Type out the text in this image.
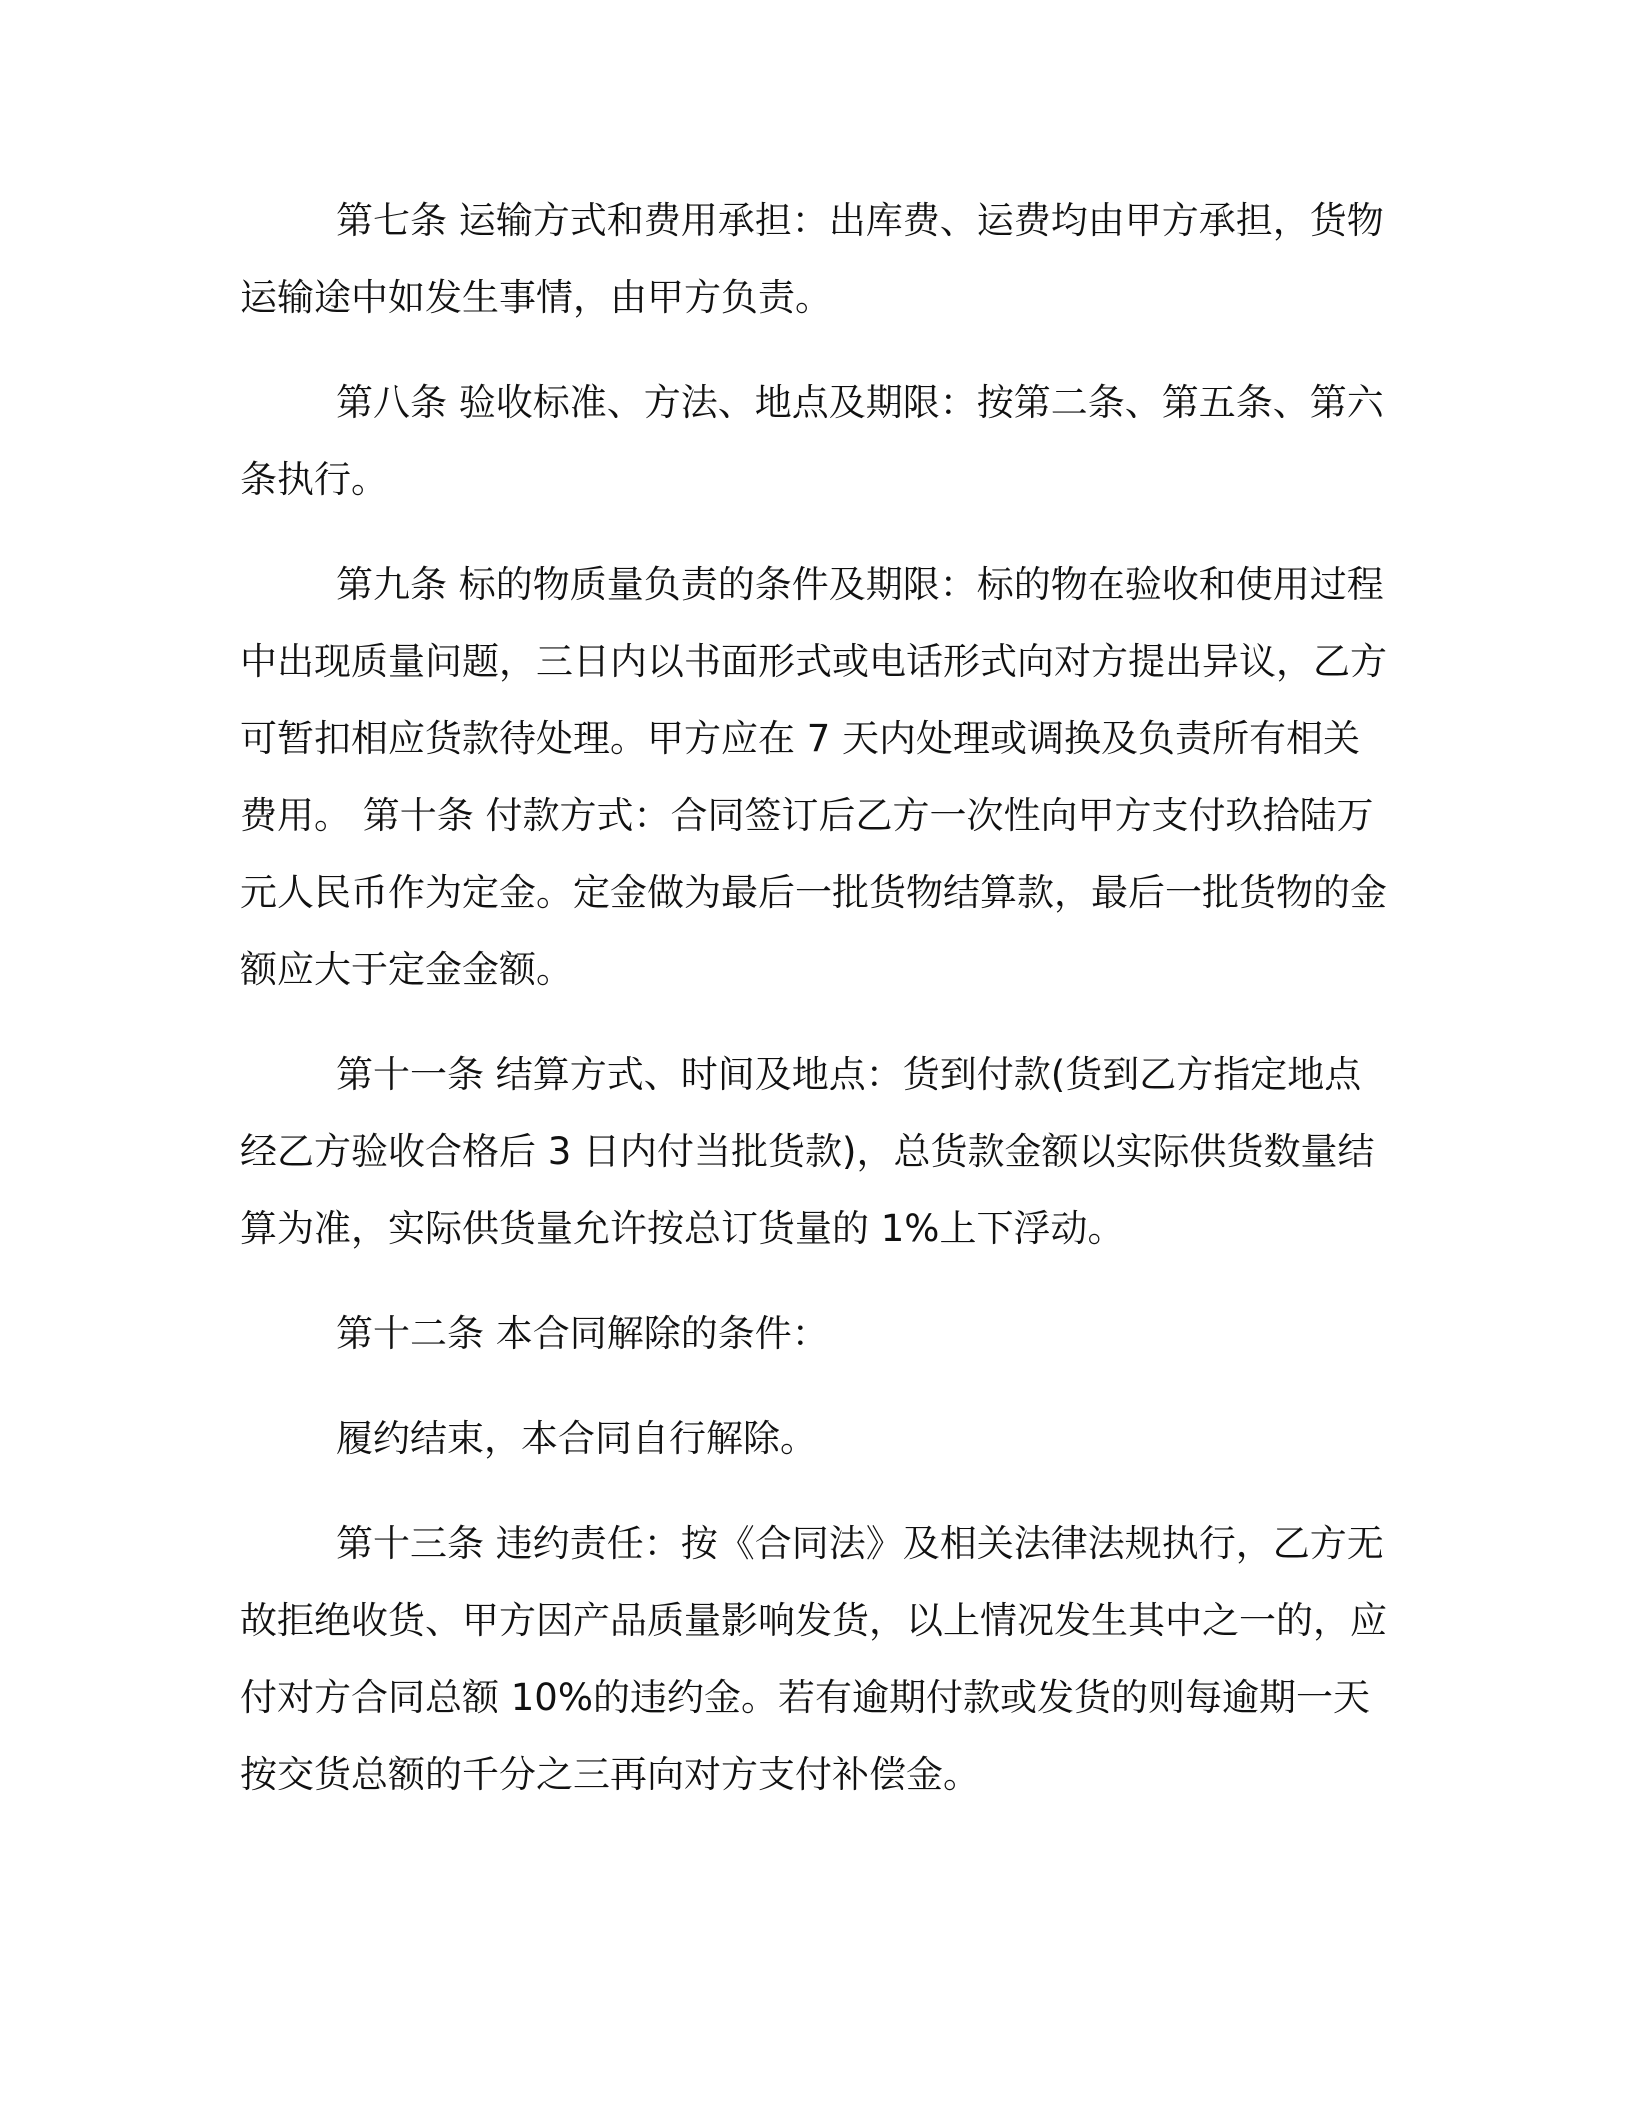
第七条 运输方式和费用承担：出库费、运费均由甲方承担，货物运输途中如发生事情，由甲方负责。

第八条 验收标准、方法、地点及期限：按第二条、第五条、第六条执行。

第九条 标的物质量负责的条件及期限：标的物在验收和使用过程中出现质量问题，三日内以书面形式或电话形式向对方提出异议，乙方可暂扣相应货款待处理。甲方应在 7 天内处理或调换及负责所有相关费用。 第十条 付款方式：合同签订后乙方一次性向甲方支付玖拾陆万元人民币作为定金。定金做为最后一批货物结算款，最后一批货物的金额应大于定金金额。

第十一条 结算方式、时间及地点：货到付款(货到乙方指定地点经乙方验收合格后 3 日内付当批货款)，总货款金额以实际供货数量结算为准，实际供货量允许按总订货量的 1%上下浮动。

第十二条 本合同解除的条件：

履约结束，本合同自行解除。

第十三条 违约责任：按《合同法》及相关法律法规执行，乙方无故拒绝收货、甲方因产品质量影响发货，以上情况发生其中之一的，应付对方合同总额 10%的违约金。若有逾期付款或发货的则每逾期一天按交货总额的千分之三再向对方支付补偿金。
